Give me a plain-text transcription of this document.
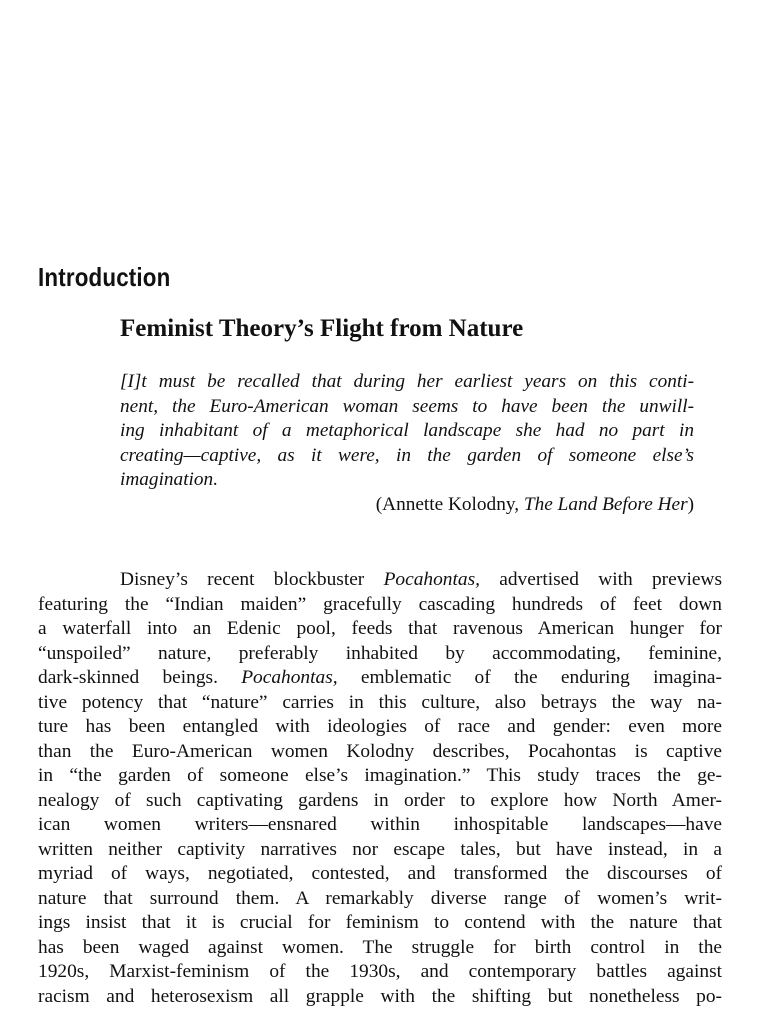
Introduction
Feminist Theory’s Flight from Nature
[I]t must be recalled that during her earliest years on this conti-
nent, the Euro-American woman seems to have been the unwill-
ing inhabitant of a metaphorical landscape she had no part in
creating—captive, as it were, in the garden of someone else’s
imagination.

(Annette Kolodny, The Land Before Her)

Disney’s recent blockbuster Pocahontas, advertised with previews
featuring the “Indian maiden” gracefully cascading hundreds of feet down
a waterfall into an Edenic pool, feeds that ravenous American hunger for
“unspoiled” nature, preferably inhabited by accommodating, feminine,
dark-skinned beings. Pocahontas, emblematic of the enduring imagina-
tive potency that “nature” carries in this culture, also betrays the way na-
ture has been entangled with ideologies of race and gender: even more
than the Euro-American women Kolodny describes, Pocahontas is captive
in “the garden of someone else’s imagination.” This study traces the ge-
nealogy of such captivating gardens in order to explore how North Amer-
ican women writers—ensnared within inhospitable landscapes—have
written neither captivity narratives nor escape tales, but have instead, in a
myriad of ways, negotiated, contested, and transformed the discourses of
nature that surround them. A remarkably diverse range of women’s writ-
ings insist that it is crucial for feminism to contend with the nature that
has been waged against women. The struggle for birth control in the
1920s, Marxist-feminism of the 1930s, and contemporary battles against
racism and heterosexism all grapple with the shifting but nonetheless po-
